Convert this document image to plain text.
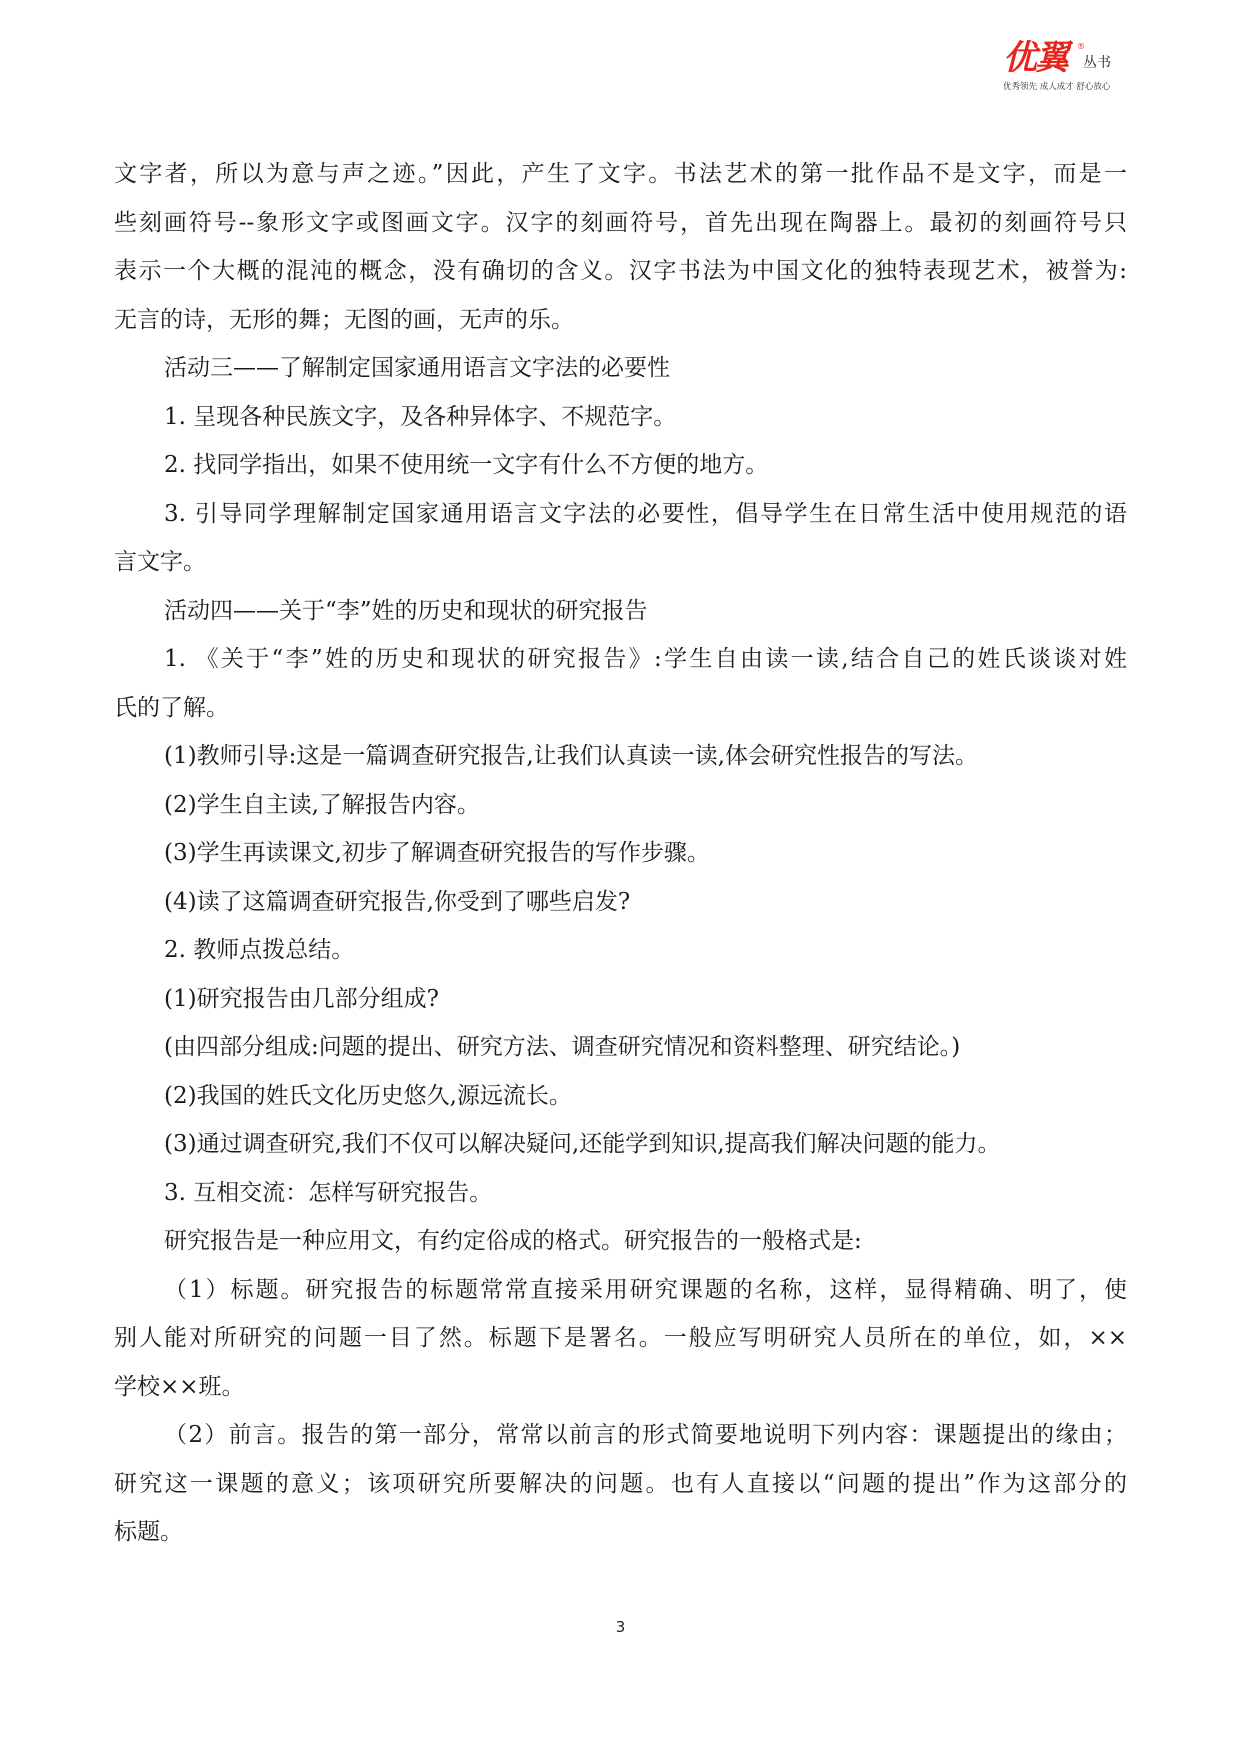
优翼 ®
丛书
优秀领先 成人成才 舒心放心
文字者，所以为意与声之迹。”因此，产生了文字。书法艺术的第一批作品不是文字，而是一
些刻画符号--象形文字或图画文字。汉字的刻画符号，首先出现在陶器上。最初的刻画符号只
表示一个大概的混沌的概念，没有确切的含义。汉字书法为中国文化的独特表现艺术，被誉为:
无言的诗，无形的舞；无图的画，无声的乐。
活动三——了解制定国家通用语言文字法的必要性
1. 呈现各种民族文字，及各种异体字、不规范字。
2. 找同学指出，如果不使用统一文字有什么不方便的地方。
3. 引导同学理解制定国家通用语言文字法的必要性，倡导学生在日常生活中使用规范的语
言文字。
活动四——关于“李”姓的历史和现状的研究报告
1. 《关于“李”姓的历史和现状的研究报告》:学生自由读一读,结合自己的姓氏谈谈对姓
氏的了解。
(1)教师引导:这是一篇调查研究报告,让我们认真读一读,体会研究性报告的写法。
(2)学生自主读,了解报告内容。
(3)学生再读课文,初步了解调查研究报告的写作步骤。
(4)读了这篇调查研究报告,你受到了哪些启发?
2. 教师点拨总结。
(1)研究报告由几部分组成?
(由四部分组成:问题的提出、研究方法、调查研究情况和资料整理、研究结论。)
(2)我国的姓氏文化历史悠久,源远流长。
(3)通过调查研究,我们不仅可以解决疑问,还能学到知识,提高我们解决问题的能力。
3. 互相交流：怎样写研究报告。
研究报告是一种应用文，有约定俗成的格式。研究报告的一般格式是:
（1）标题。研究报告的标题常常直接采用研究课题的名称，这样，显得精确、明了，使
别人能对所研究的问题一目了然。标题下是署名。一般应写明研究人员所在的单位，如，××
学校××班。
（2）前言。报告的第一部分，常常以前言的形式简要地说明下列内容：课题提出的缘由；
研究这一课题的意义；该项研究所要解决的问题。也有人直接以“问题的提出”作为这部分的
标题。
3
